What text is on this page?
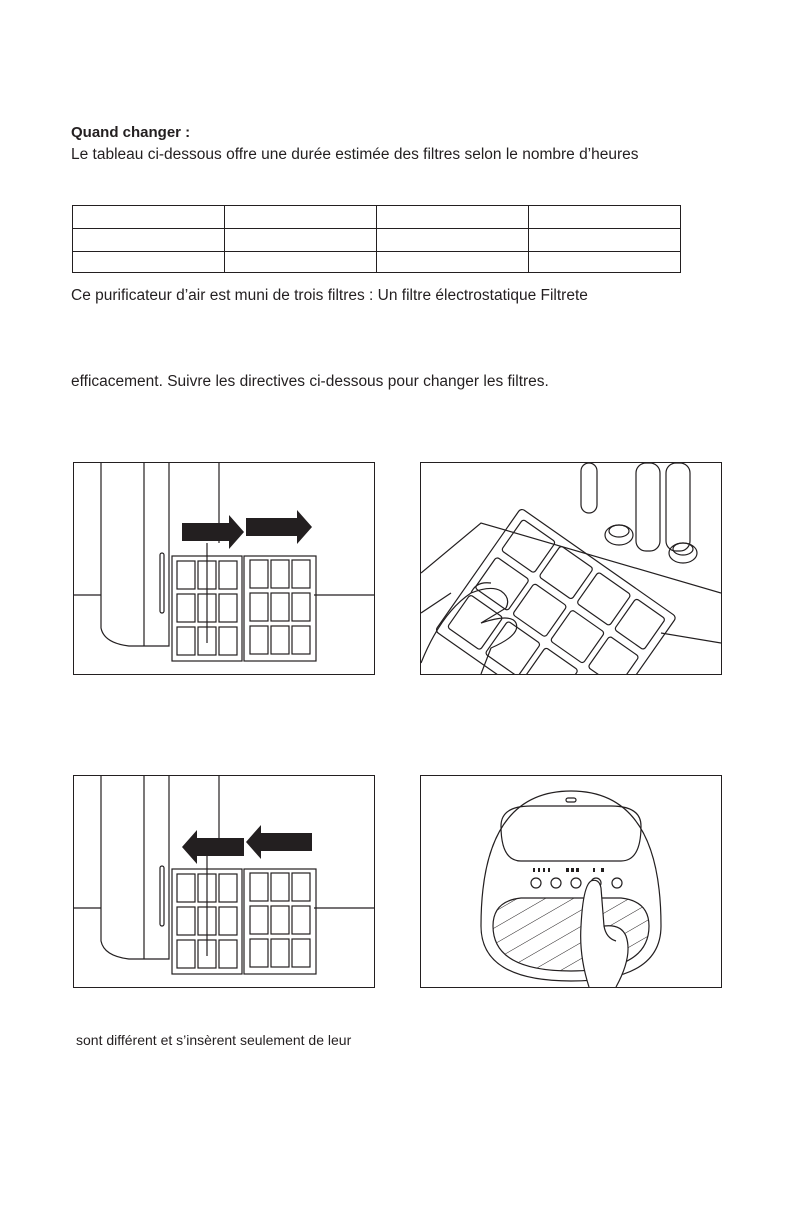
Quand changer :
Le tableau ci-dessous offre une durée estimée des filtres selon le nombre d’heures

Ce purificateur d’air est muni de trois filtres : Un filtre électrostatique Filtrete
efficacement. Suivre les directives ci-dessous pour changer les filtres.
sont différent et s’insèrent seulement de leur
